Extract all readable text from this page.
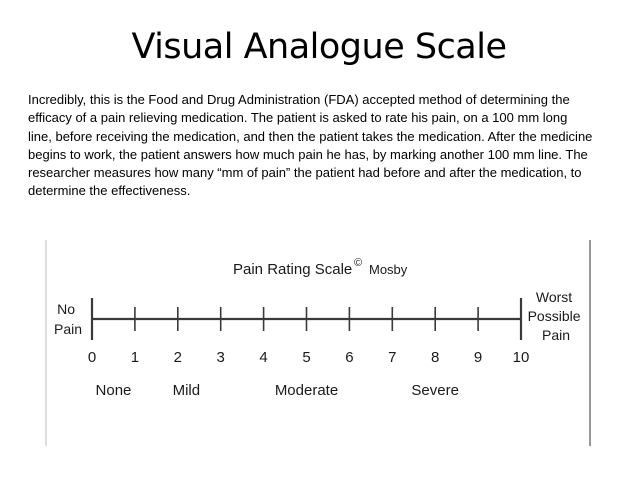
Visual Analogue Scale

Incredibly, this is the Food and Drug Administration (FDA) accepted method of determining the efficacy of a pain relieving medication. The patient is asked to rate his pain, on a 100 mm long line, before receiving the medication, and then the patient takes the medication. After the medicine begins to work, the patient answers how much pain he has, by marking another 100 mm line. The researcher measures how many “mm of pain” the patient had before and after the medication, to determine the effectiveness.

Pain Rating Scale © Mosby
No Pain
Worst Possible Pain
0 1 2 3 4 5 6 7 8 9 10
None	Mild	Moderate	Severe
